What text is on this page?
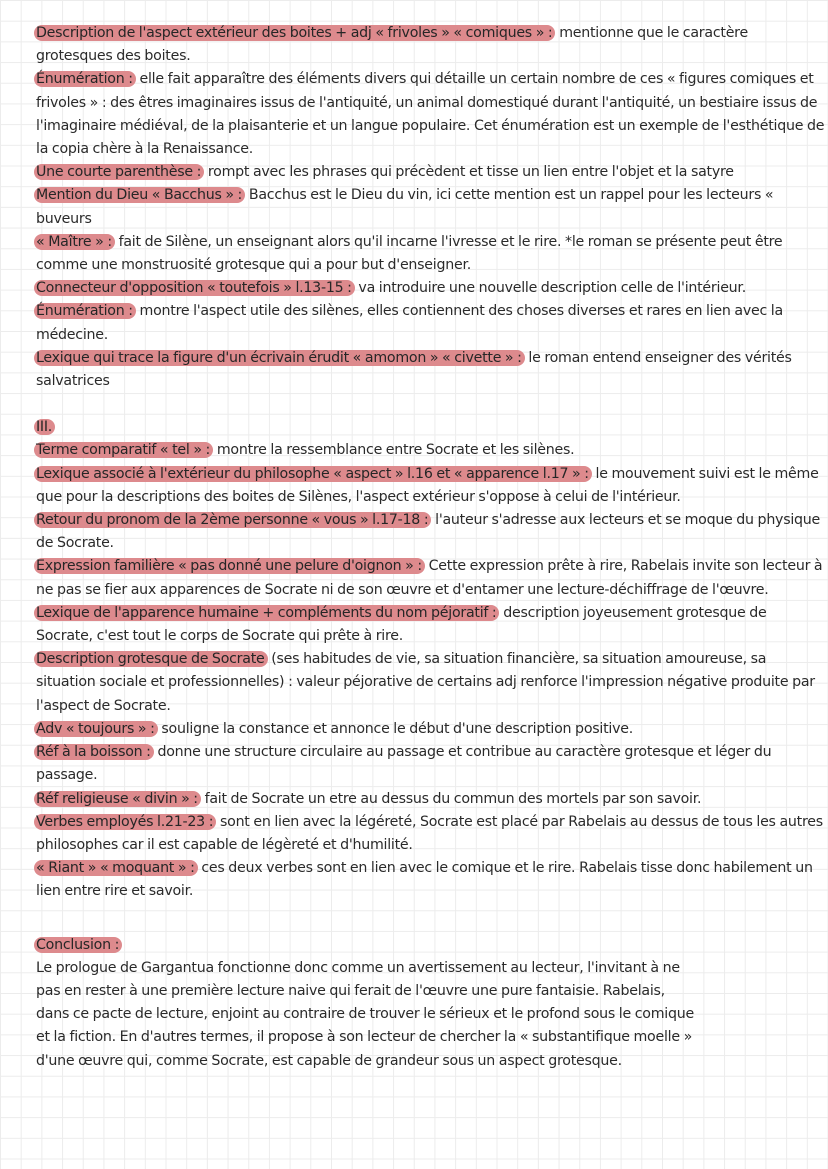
Description de l'aspect extérieur des boites + adj « frivoles » « comiques » : mentionne que le caractère grotesques des boites.

Énumération : elle fait apparaître des éléments divers qui détaille un certain nombre de ces « figures comiques et frivoles » : des êtres imaginaires issus de l'antiquité, un animal domestiqué durant l'antiquité, un bestiaire issus de l'imaginaire médiéval, de la plaisanterie et un langue populaire. Cet énumération est un exemple de l'esthétique de la copia chère à la Renaissance.

Une courte parenthèse : rompt avec les phrases qui précèdent et tisse un lien entre l'objet et la satyre

Mention du Dieu « Bacchus » : Bacchus est le Dieu du vin, ici cette mention est un rappel pour les lecteurs « buveurs

« Maître » : fait de Silène, un enseignant alors qu'il incarne l'ivresse et le rire. *le roman se présente peut être comme une monstruosité grotesque qui a pour but d'enseigner.

Connecteur d'opposition « toutefois » l.13-15 : va introduire une nouvelle description celle de l'intérieur.

Énumération : montre l'aspect utile des silènes, elles contiennent des choses diverses et rares en lien avec la médecine.

Lexique qui trace la figure d'un écrivain érudit « amomon » « civette » : le roman entend enseigner des vérités salvatrices

III.

Terme comparatif « tel » : montre la ressemblance entre Socrate et les silènes.

Lexique associé à l'extérieur du philosophe « aspect » l.16 et « apparence l.17 » : le mouvement suivi est le même que pour la descriptions des boites de Silènes, l'aspect extérieur s'oppose à celui de l'intérieur.

Retour du pronom de la 2ème personne « vous » l.17-18 : l'auteur s'adresse aux lecteurs et se moque du physique de Socrate.

Expression familière « pas donné une pelure d'oignon » : Cette expression prête à rire, Rabelais invite son lecteur à ne pas se fier aux apparences de Socrate ni de son œuvre et d'entamer une lecture-déchiffrage de l'œuvre.

Lexique de l'apparence humaine + compléments du nom péjoratif : description joyeusement grotesque de Socrate, c'est tout le corps de Socrate qui prête à rire.

Description grotesque de Socrate (ses habitudes de vie, sa situation financière, sa situation amoureuse, sa situation sociale et professionnelles) : valeur péjorative de certains adj renforce l'impression négative produite par l'aspect de Socrate.

Adv « toujours » : souligne la constance et annonce le début d'une description positive.

Réf à la boisson : donne une structure circulaire au passage et contribue au caractère grotesque et léger du passage.

Réf religieuse « divin » : fait de Socrate un etre au dessus du commun des mortels par son savoir.

Verbes employés l.21-23 : sont en lien avec la légéreté, Socrate est placé par Rabelais au dessus de tous les autres philosophes car il est capable de légèreté et d'humilité.

« Riant » « moquant » : ces deux verbes sont en lien avec le comique et le rire. Rabelais tisse donc habilement un lien entre rire et savoir.

Conclusion :

Le prologue de Gargantua fonctionne donc comme un avertissement au lecteur, l'invitant à ne pas en rester à une première lecture naive qui ferait de l'œuvre une pure fantaisie. Rabelais, dans ce pacte de lecture, enjoint au contraire de trouver le sérieux et le profond sous le comique et la fiction. En d'autres termes, il propose à son lecteur de chercher la « substantifique moelle » d'une œuvre qui, comme Socrate, est capable de grandeur sous un aspect grotesque.
